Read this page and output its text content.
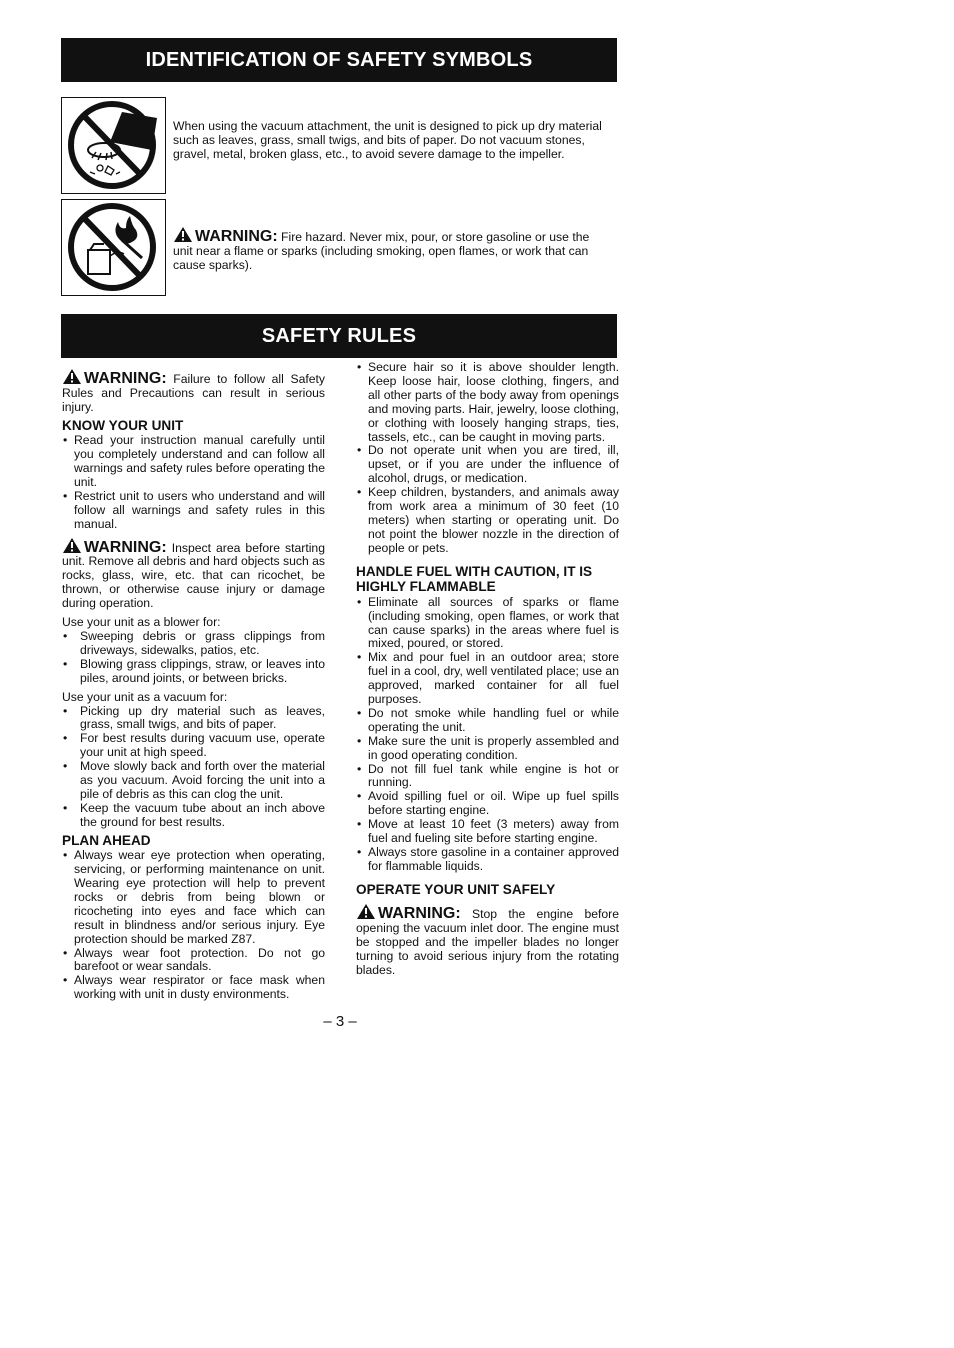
IDENTIFICATION OF SAFETY SYMBOLS
When using the vacuum attachment, the unit is designed to pick up dry material such as leaves, grass, small twigs, and bits of paper. Do not vacuum stones, gravel, metal, broken glass, etc., to avoid severe damage to the impeller.
WARNING: Fire hazard. Never mix, pour, or store gasoline or use the unit near a flame or sparks (including smoking, open flames, or work that can cause sparks).
SAFETY RULES

WARNING: Failure to follow all Safety Rules and Precautions can result in serious injury.

KNOW YOUR UNIT
• Read your instruction manual carefully until you completely understand and can follow all warnings and safety rules before operating the unit.
• Restrict unit to users who understand and will follow all warnings and safety rules in this manual.

WARNING: Inspect area before starting unit. Remove all debris and hard objects such as rocks, glass, wire, etc. that can ricochet, be thrown, or otherwise cause injury or damage during operation.

Use your unit as a blower for:

• Sweeping debris or grass clippings from driveways, sidewalks, patios, etc.
• Blowing grass clippings, straw, or leaves into piles, around joints, or between bricks.

Use your unit as a vacuum for:

• Picking up dry material such as leaves, grass, small twigs, and bits of paper.
• For best results during vacuum use, operate your unit at high speed.
• Move slowly back and forth over the material as you vacuum. Avoid forcing the unit into a pile of debris as this can clog the unit.
• Keep the vacuum tube about an inch above the ground for best results.
PLAN AHEAD
• Always wear eye protection when operating, servicing, or performing maintenance on unit. Wearing eye protection will help to prevent rocks or debris from being blown or ricocheting into eyes and face which can result in blindness and/or serious injury. Eye protection should be marked Z87.
• Always wear foot protection. Do not go barefoot or wear sandals.
• Always wear respirator or face mask when working with unit in dusty environments.
• Secure hair so it is above shoulder length. Keep loose hair, loose clothing, fingers, and all other parts of the body away from openings and moving parts. Hair, jewelry, loose clothing, or clothing with loosely hanging straps, ties, tassels, etc., can be caught in moving parts.
• Do not operate unit when you are tired, ill, upset, or if you are under the influence of alcohol, drugs, or medication.
• Keep children, bystanders, and animals away from work area a minimum of 30 feet (10 meters) when starting or operating unit. Do not point the blower nozzle in the direction of people or pets.
HANDLE FUEL WITH CAUTION, IT IS HIGHLY FLAMMABLE
• Eliminate all sources of sparks or flame (including smoking, open flames, or work that can cause sparks) in the areas where fuel is mixed, poured, or stored.
• Mix and pour fuel in an outdoor area; store fuel in a cool, dry, well ventilated place; use an approved, marked container for all fuel purposes.
• Do not smoke while handling fuel or while operating the unit.
• Make sure the unit is properly assembled and in good operating condition.
• Do not fill fuel tank while engine is hot or running.
• Avoid spilling fuel or oil. Wipe up fuel spills before starting engine.
• Move at least 10 feet (3 meters) away from fuel and fueling site before starting engine.
• Always store gasoline in a container approved for flammable liquids.
OPERATE YOUR UNIT SAFELY

WARNING: Stop the engine before opening the vacuum inlet door. The engine must be stopped and the impeller blades no longer turning to avoid serious injury from the rotating blades.

– 3 –
